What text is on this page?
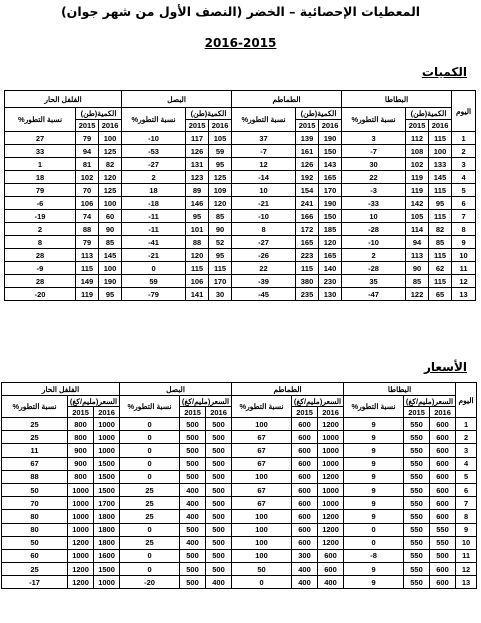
المعطيات الإحصائية – الخضر (النصف الأول من شهر جوان)
2016-2015
الكميات
اليوم	البطاطا			الطماطم			البصل			الفلفل الحار		
	الكمية(طن)		نسبة التطور%	الكمية(طن)		نسبة التطور%	الكمية(طن)		نسبة التطور%	الكمية(طن)		نسبة التطور%
	2016	2015		2016	2015		2016	2015		2016	2015	
1	115	112	3	190	139	37	105	117	10-	100	79	27
2	100	108	7-	150	161	7-	59	126	53-	125	94	33
3	133	102	30	143	126	12	95	131	27-	82	81	1
4	145	119	22	165	192	14-	125	123	2	120	102	18
5	115	119	3-	170	154	10	109	89	18	125	70	79
6	95	142	33-	190	241	21-	120	146	18-	100	106	6-
7	115	105	10	150	166	10-	85	95	11-	60	74	19-
8	82	114	28-	185	172	8	90	101	11-	90	88	2
9	85	94	10-	120	165	27-	52	88	41-	85	79	8
10	115	113	2	165	223	26-	95	120	21-	145	113	28
11	62	90	28-	140	115	22	115	115	0	100	115	9-
12	115	85	35	230	380	39-	170	106	59	190	149	28
13	65	122	47-	130	235	45-	30	141	79-	95	119	20-
الأسعار
اليوم	البطاطا			الطماطم			البصل			الفلفل الحار		
	السعر(مليم/كغ)		نسبة التطور%	السعر(مليم/كغ)		نسبة التطور%	السعر(مليم/كغ)		نسبة التطور%	السعر(مليم/كغ)		نسبة التطور%
	2016	2015		2016	2015		2016	2015		2016	2015	
1	600	550	9	1200	600	100	500	500	0	1000	800	25
2	600	550	9	1000	600	67	500	500	0	1000	800	25
3	600	550	9	1000	600	67	500	500	0	1000	900	11
4	600	550	9	1000	600	67	500	500	0	1500	900	67
5	600	550	9	1200	600	100	500	500	0	1500	800	88
6	600	550	9	1000	600	67	500	400	25	1500	1000	50
7	600	550	9	1000	600	67	500	400	25	1700	1000	70
8	600	550	9	1200	600	100	500	400	25	1800	1000	80
9	550	550	0	1200	600	100	500	500	0	1800	1000	80
10	550	550	0	1200	600	100	500	400	25	1800	1200	50
11	500	550	8-	600	300	100	500	500	0	1600	1000	60
12	600	550	9	600	400	50	500	500	0	1500	1200	25
13	600	550	9	400	400	0	400	500	20-	1000	1200	17-
